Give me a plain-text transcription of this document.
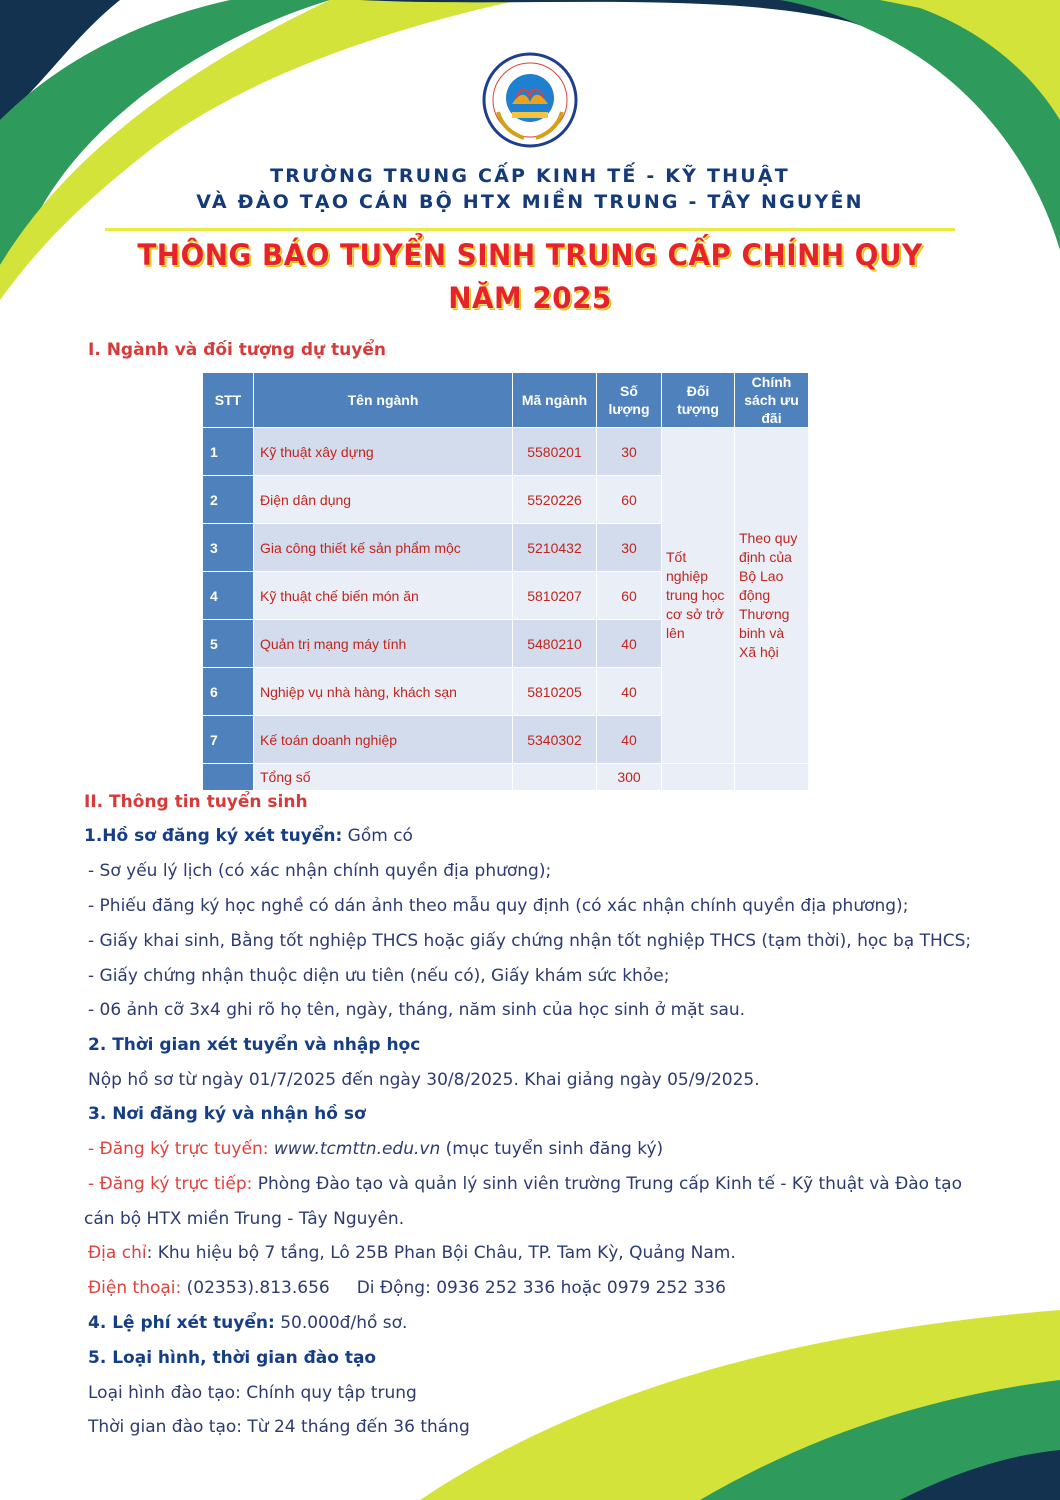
TRƯỜNG TRUNG CẤP KINH TẾ - KỸ THUẬT
VÀ ĐÀO TẠO CÁN BỘ HTX MIỀN TRUNG - TÂY NGUYÊN
THÔNG BÁO TUYỂN SINH TRUNG CẤP CHÍNH QUY
NĂM 2025
I. Ngành và đối tượng dự tuyển
STT	Tên ngành	Mã ngành	Số lượng	Đối tượng	Chính sách ưu đãi
1	Kỹ thuật xây dựng	5580201	30	Tốt nghiệp trung học cơ sở trở lên	Theo quy định của Bộ Lao động Thương binh và Xã hội
2	Điện dân dụng	5520226	60		
3	Gia công thiết kế sản phẩm mộc	5210432	30		
4	Kỹ thuật chế biến món ăn	5810207	60		
5	Quản trị mạng máy tính	5480210	40		
6	Nghiệp vụ nhà hàng, khách sạn	5810205	40		
7	Kế toán doanh nghiệp	5340302	40		
	Tổng số		300		
II. Thông tin tuyển sinh
1.Hồ sơ đăng ký xét tuyển: Gồm có
- Sơ yếu lý lịch (có xác nhận chính quyền địa phương);
- Phiếu đăng ký học nghề có dán ảnh theo mẫu quy định (có xác nhận chính quyền địa phương);
- Giấy khai sinh, Bằng tốt nghiệp THCS hoặc giấy chứng nhận tốt nghiệp THCS (tạm thời), học bạ THCS;
- Giấy chứng nhận thuộc diện ưu tiên (nếu có), Giấy khám sức khỏe;
- 06 ảnh cỡ 3x4 ghi rõ họ tên, ngày, tháng, năm sinh của học sinh ở mặt sau.
2. Thời gian xét tuyển và nhập học
Nộp hồ sơ từ ngày 01/7/2025 đến ngày 30/8/2025. Khai giảng ngày 05/9/2025.
3. Nơi đăng ký và nhận hồ sơ
- Đăng ký trực tuyến: www.tcmttn.edu.vn (mục tuyển sinh đăng ký)
- Đăng ký trực tiếp: Phòng Đào tạo và quản lý sinh viên trường Trung cấp Kinh tế - Kỹ thuật và Đào tạo
cán bộ HTX miền Trung - Tây Nguyên.
Địa chỉ: Khu hiệu bộ 7 tầng, Lô 25B Phan Bội Châu, TP. Tam Kỳ, Quảng Nam.
Điện thoại: (02353).813.656     Di Động: 0936 252 336 hoặc 0979 252 336
4. Lệ phí xét tuyển: 50.000đ/hồ sơ.
5. Loại hình, thời gian đào tạo
Loại hình đào tạo: Chính quy tập trung
Thời gian đào tạo: Từ 24 tháng đến 36 tháng
